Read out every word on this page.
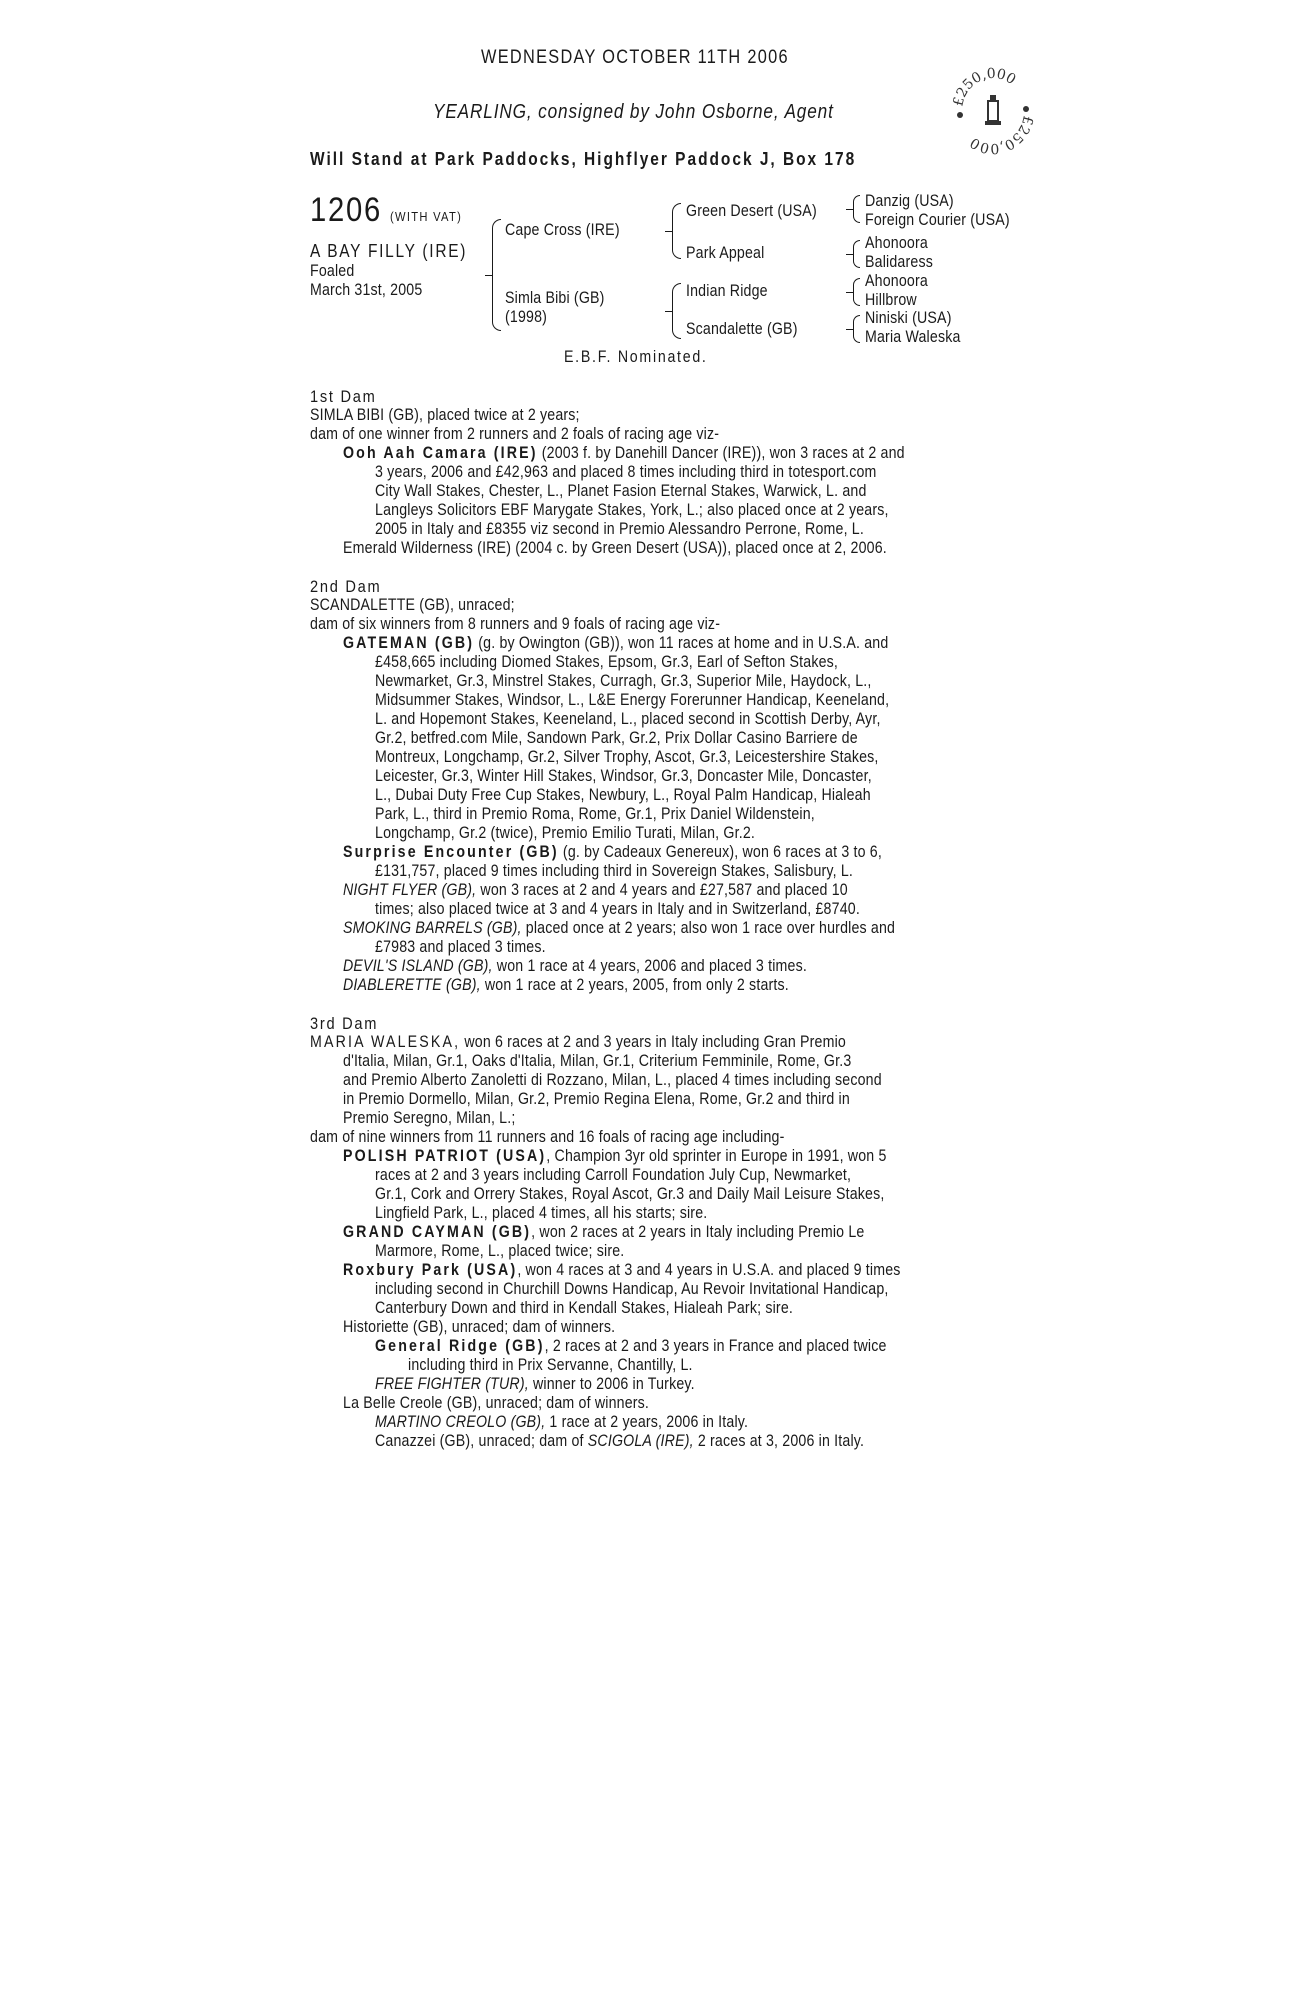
WEDNESDAY OCTOBER 11TH 2006
YEARLING, consigned by John Osborne, Agent
Will Stand at Park Paddocks, Highflyer Paddock J, Box 178
£250,000
£250,000
1206 (WITH VAT)
A BAY FILLY (IRE)
Foaled
March 31st, 2005
Cape Cross (IRE)
Simla Bibi (GB)
(1998)
Green Desert (USA)
Park Appeal
Indian Ridge
Scandalette (GB)
Danzig (USA)
Foreign Courier (USA)
Ahonoora
Balidaress
Ahonoora
Hillbrow
Niniski (USA)
Maria Waleska
E.B.F. Nominated.
1st Dam
SIMLA BIBI (GB), placed twice at 2 years;
dam of one winner from 2 runners and 2 foals of racing age viz-
Ooh Aah Camara (IRE) (2003 f. by Danehill Dancer (IRE)), won 3 races at 2 and
3 years, 2006 and £42,963 and placed 8 times including third in totesport.com
City Wall Stakes, Chester, L., Planet Fasion Eternal Stakes, Warwick, L. and
Langleys Solicitors EBF Marygate Stakes, York, L.; also placed once at 2 years,
2005 in Italy and £8355 viz second in Premio Alessandro Perrone, Rome, L.
Emerald Wilderness (IRE) (2004 c. by Green Desert (USA)), placed once at 2, 2006.
2nd Dam
SCANDALETTE (GB), unraced;
dam of six winners from 8 runners and 9 foals of racing age viz-
GATEMAN (GB) (g. by Owington (GB)), won 11 races at home and in U.S.A. and
£458,665 including Diomed Stakes, Epsom, Gr.3, Earl of Sefton Stakes,
Newmarket, Gr.3, Minstrel Stakes, Curragh, Gr.3, Superior Mile, Haydock, L.,
Midsummer Stakes, Windsor, L., L&E Energy Forerunner Handicap, Keeneland,
L. and Hopemont Stakes, Keeneland, L., placed second in Scottish Derby, Ayr,
Gr.2, betfred.com Mile, Sandown Park, Gr.2, Prix Dollar Casino Barriere de
Montreux, Longchamp, Gr.2, Silver Trophy, Ascot, Gr.3, Leicestershire Stakes,
Leicester, Gr.3, Winter Hill Stakes, Windsor, Gr.3, Doncaster Mile, Doncaster,
L., Dubai Duty Free Cup Stakes, Newbury, L., Royal Palm Handicap, Hialeah
Park, L., third in Premio Roma, Rome, Gr.1, Prix Daniel Wildenstein,
Longchamp, Gr.2 (twice), Premio Emilio Turati, Milan, Gr.2.
Surprise Encounter (GB) (g. by Cadeaux Genereux), won 6 races at 3 to 6,
£131,757, placed 9 times including third in Sovereign Stakes, Salisbury, L.
NIGHT FLYER (GB), won 3 races at 2 and 4 years and £27,587 and placed 10
times; also placed twice at 3 and 4 years in Italy and in Switzerland, £8740.
SMOKING BARRELS (GB), placed once at 2 years; also won 1 race over hurdles and
£7983 and placed 3 times.
DEVIL'S ISLAND (GB), won 1 race at 4 years, 2006 and placed 3 times.
DIABLERETTE (GB), won 1 race at 2 years, 2005, from only 2 starts.
3rd Dam
MARIA WALESKA, won 6 races at 2 and 3 years in Italy including Gran Premio
d'Italia, Milan, Gr.1, Oaks d'Italia, Milan, Gr.1, Criterium Femminile, Rome, Gr.3
and Premio Alberto Zanoletti di Rozzano, Milan, L., placed 4 times including second
in Premio Dormello, Milan, Gr.2, Premio Regina Elena, Rome, Gr.2 and third in
Premio Seregno, Milan, L.;
dam of nine winners from 11 runners and 16 foals of racing age including-
POLISH PATRIOT (USA), Champion 3yr old sprinter in Europe in 1991, won 5
races at 2 and 3 years including Carroll Foundation July Cup, Newmarket,
Gr.1, Cork and Orrery Stakes, Royal Ascot, Gr.3 and Daily Mail Leisure Stakes,
Lingfield Park, L., placed 4 times, all his starts; sire.
GRAND CAYMAN (GB), won 2 races at 2 years in Italy including Premio Le
Marmore, Rome, L., placed twice; sire.
Roxbury Park (USA), won 4 races at 3 and 4 years in U.S.A. and placed 9 times
including second in Churchill Downs Handicap, Au Revoir Invitational Handicap,
Canterbury Down and third in Kendall Stakes, Hialeah Park; sire.
Historiette (GB), unraced; dam of winners.
General Ridge (GB), 2 races at 2 and 3 years in France and placed twice
including third in Prix Servanne, Chantilly, L.
FREE FIGHTER (TUR), winner to 2006 in Turkey.
La Belle Creole (GB), unraced; dam of winners.
MARTINO CREOLO (GB), 1 race at 2 years, 2006 in Italy.
Canazzei (GB), unraced; dam of SCIGOLA (IRE), 2 races at 3, 2006 in Italy.
